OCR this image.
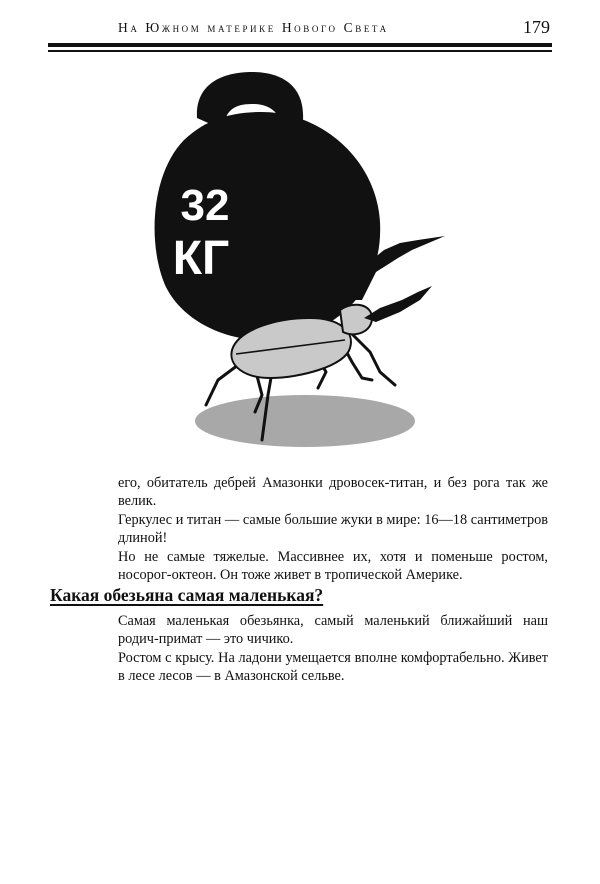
На Южном материке Нового Света	179
32
КГ

его, обитатель дебрей Амазонки дровосек-титан, и без рога так же велик.

Геркулес и титан — самые большие жуки в мире: 16—18 сантиметров длиной!

Но не самые тяжелые. Массивнее их, хотя и поменьше ростом, носорог-октеон. Он тоже живет в тропической Америке.

Какая обезьяна самая маленькая?

Самая маленькая обезьянка, самый маленький ближайший наш родич-примат — это чичико.

Ростом с крысу. На ладони умещается вполне комфортабельно. Живет в лесе лесов — в Амазонской сельве.
